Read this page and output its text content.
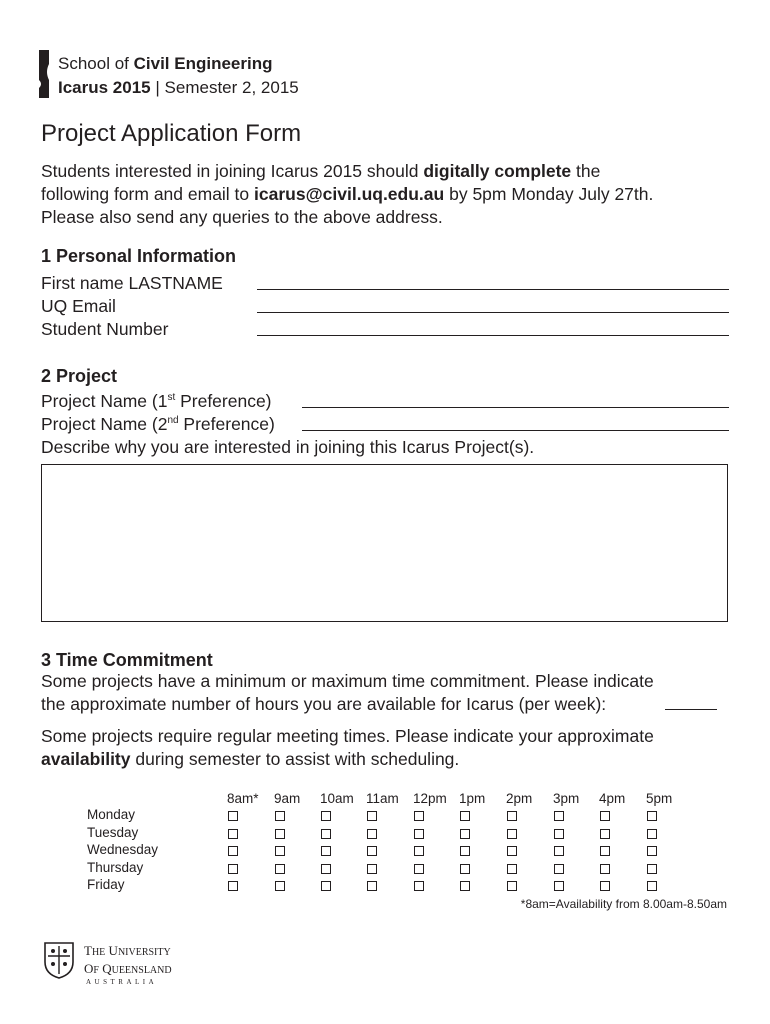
School of Civil Engineering
Icarus 2015 | Semester 2, 2015
Project Application Form
Students interested in joining Icarus 2015 should digitally complete the
following form and email to icarus@civil.uq.edu.au by 5pm Monday July 27th.
Please also send any queries to the above address.
1 Personal Information
First name LASTNAME
UQ Email
Student Number
2 Project
Project Name (1st Preference)
Project Name (2nd Preference)
Describe why you are interested in joining this Icarus Project(s).
3 Time Commitment
Some projects have a minimum or maximum time commitment. Please indicate
the approximate number of hours you are available for Icarus (per week):
Some projects require regular meeting times. Please indicate your approximate
availability during semester to assist with scheduling.
8am* 9am 10am 11am 12pm 1pm 2pm 3pm 4pm 5pm
Monday
Tuesday
Wednesday
Thursday
Friday
*8am=Availability from 8.00am-8.50am
THE UNIVERSITY
OF QUEENSLAND
AUSTRALIA
